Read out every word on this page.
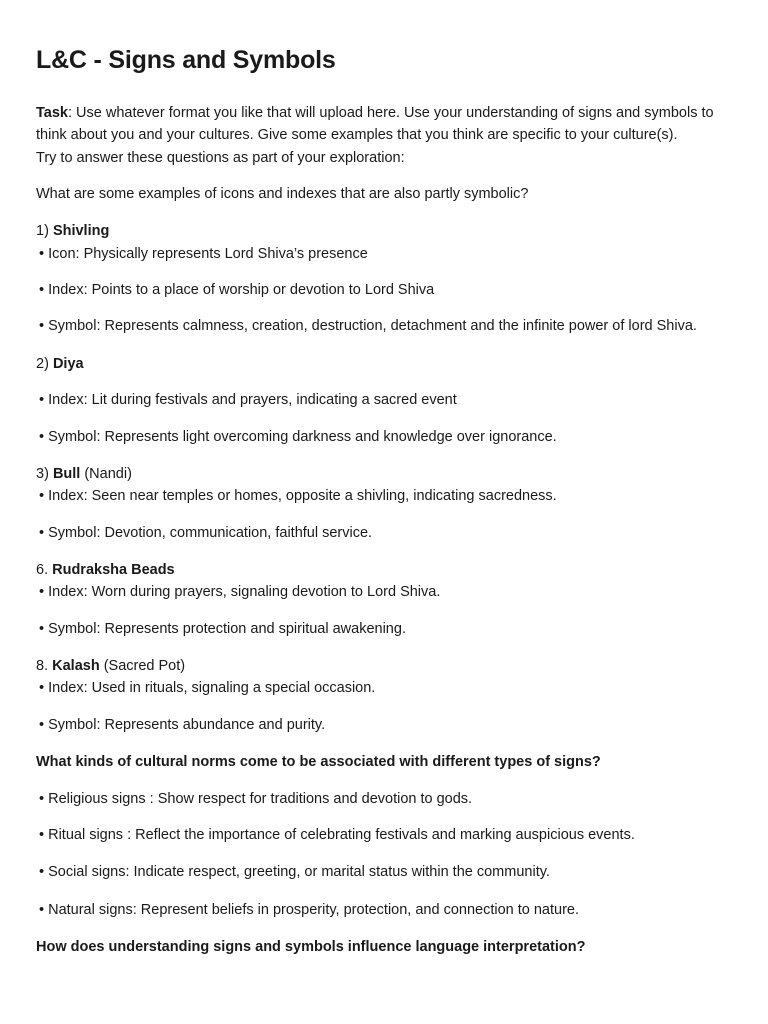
L&C - Signs and Symbols
Task: Use whatever format you like that will upload here. Use your understanding of signs and symbols to
think about you and your cultures. Give some examples that you think are specific to your culture(s).
Try to answer these questions as part of your exploration:
What are some examples of icons and indexes that are also partly symbolic?
1) Shivling
• Icon: Physically represents Lord Shiva’s presence
• Index: Points to a place of worship or devotion to Lord Shiva
• Symbol: Represents calmness, creation, destruction, detachment and the infinite power of lord Shiva.
2) Diya
• Index: Lit during festivals and prayers, indicating a sacred event
• Symbol: Represents light overcoming darkness and knowledge over ignorance.
3) Bull (Nandi)
• Index: Seen near temples or homes, opposite a shivling, indicating sacredness.
• Symbol: Devotion, communication, faithful service.
6. Rudraksha Beads
• Index: Worn during prayers, signaling devotion to Lord Shiva.
• Symbol: Represents protection and spiritual awakening.
8. Kalash (Sacred Pot)
• Index: Used in rituals, signaling a special occasion.
• Symbol: Represents abundance and purity.
What kinds of cultural norms come to be associated with different types of signs?
• Religious signs : Show respect for traditions and devotion to gods.
• Ritual signs : Reflect the importance of celebrating festivals and marking auspicious events.
• Social signs: Indicate respect, greeting, or marital status within the community.
• Natural signs: Represent beliefs in prosperity, protection, and connection to nature.
How does understanding signs and symbols influence language interpretation?
